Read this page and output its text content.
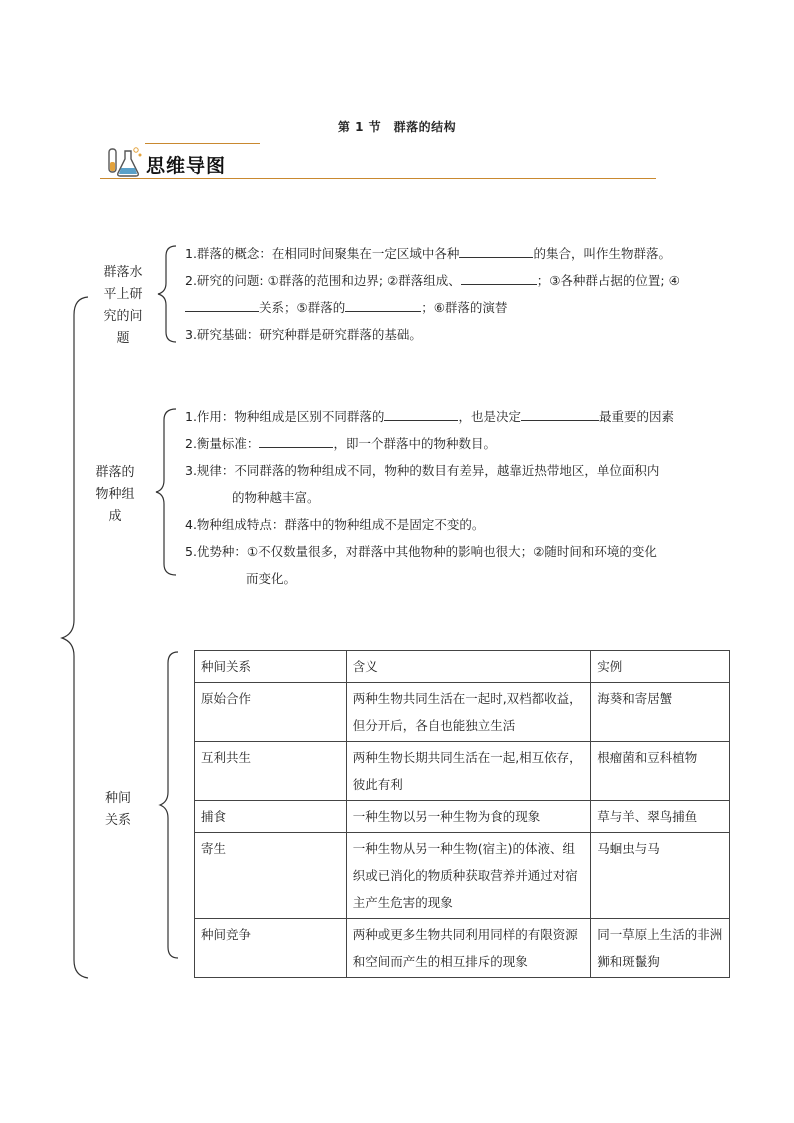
第 1 节　群落的结构
思维导图
群落水
平上研
究的问
题
1.群落的概念：在相同时间聚集在一定区域中各种	的集合，叫作生物群落。
2.研究的问题: ①群落的范围和边界; ②群落组成、	；③各种群占据的位置; ④
关系；⑤群落的	；⑥群落的演替
3.研究基础：研究种群是研究群落的基础。
群落的
物种组
成
1.作用：物种组成是区别不同群落的	，也是决定	最重要的因素
2.衡量标准：	，即一个群落中的物种数目。
3.规律：不同群落的物种组成不同，物种的数目有差异，越靠近热带地区，单位面积内
的物种越丰富。
4.物种组成特点：群落中的物种组成不是固定不变的。
5.优势种：①不仅数量很多，对群落中其他物种的影响也很大；②随时间和环境的变化
而变化。
种间
关系
种间关系	含义	实例
原始合作	两种生物共同生活在一起时,双档都收益，但分开后，各自也能独立生活	海葵和寄居蟹
互利共生	两种生物长期共同生活在一起,相互依存，彼此有利	根瘤菌和豆科植物
捕食	一种生物以另一种生物为食的现象	草与羊、翠鸟捕鱼
寄生	一种生物从另一种生物(宿主)的体液、组织或已消化的物质种获取营养并通过对宿主产生危害的现象	马蛔虫与马
种间竞争	两种或更多生物共同利用同样的有限资源和空间而产生的相互排斥的现象	同一草原上生活的非洲狮和斑鬣狗
